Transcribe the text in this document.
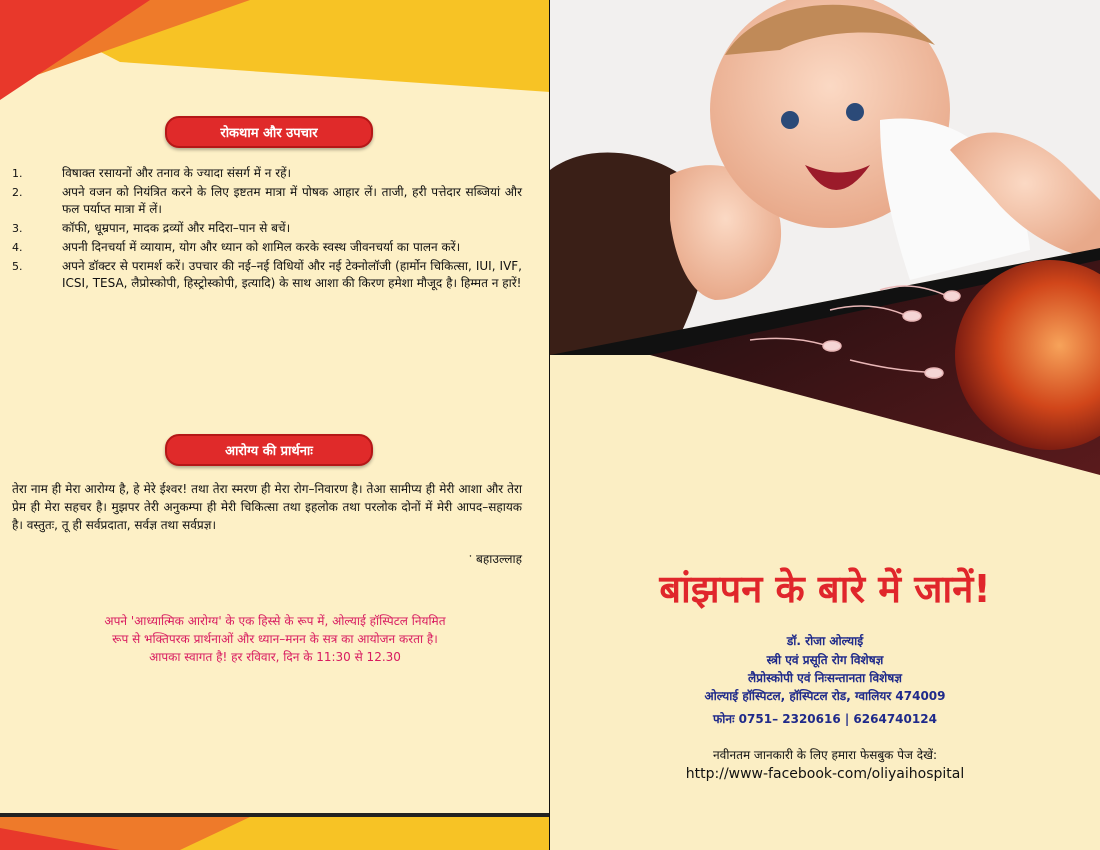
रोकथाम और उपचार
1.	विषाक्त रसायनों और तनाव के ज्यादा संसर्ग में न रहें।
2.	अपने वजन को नियंत्रित करने के लिए इष्टतम मात्रा में पोषक आहार लें। ताजी, हरी पत्तेदार सब्जियां और फल पर्याप्त मात्रा में लें।
3.	कॉफी, धूम्रपान, मादक द्रव्यों और मदिरा–पान से बचें।
4.	अपनी दिनचर्या में व्यायाम, योग और ध्यान को शामिल करके स्वस्थ जीवनचर्या का पालन करें।
5.	अपने डॉक्टर से परामर्श करें। उपचार की नई–नई विधियों और नई टेक्नोलॉजी (हार्मोन चिकित्सा, IUI, IVF, ICSI, TESA, लैप्रोस्कोपी, हिस्ट्रोस्कोपी, इत्यादि) के साथ आशा की किरण हमेशा मौजूद है। हिम्मत न हारें!
आरोग्य की प्रार्थनाः
तेरा नाम ही मेरा आरोग्य है, हे मेरे ईश्वर! तथा तेरा स्मरण ही मेरा रोग–निवारण है। तेआ सामीप्य ही मेरी आशा और तेरा प्रेम ही मेरा सहचर है। मुझपर तेरी अनुकम्पा ही मेरी चिकित्सा तथा इहलोक तथा परलोक दोनों में मेरी आपद–सहायक है। वस्तुतः, तू ही सर्वप्रदाता, सर्वज्ञ तथा सर्वप्रज्ञ।
ॱ बहाउल्लाह
अपने 'आध्यात्मिक आरोग्य' के एक हिस्से के रूप में, ओल्याई हॉस्पिटल नियमित
रूप से भक्तिपरक प्रार्थनाओं और ध्यान–मनन के सत्र का आयोजन करता है।
आपका स्वागत है! हर रविवार, दिन के 11:30 से 12.30
बांझपन के बारे में जानें!
डॉ. रोजा ओल्याई
स्त्री एवं प्रसूति रोग विशेषज्ञ
लैप्रोस्कोपी एवं निःसन्तानता विशेषज्ञ
ओल्याई हॉस्पिटल, हॉस्पिटल रोड, ग्वालियर 474009
फोनः 0751– 2320616 | 6264740124
नवीनतम जानकारी के लिए हमारा फेसबुक पेज देखें:
http://www-facebook-com/oliyaihospital
